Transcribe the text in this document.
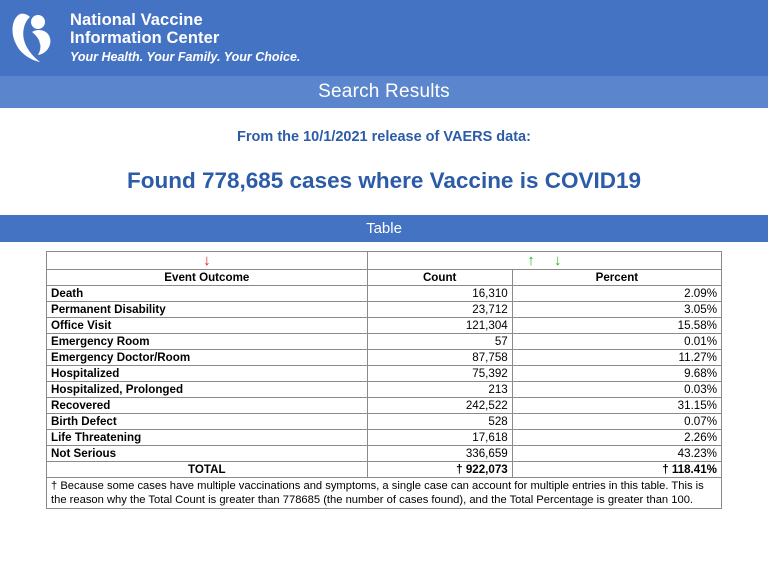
National Vaccine
Information Center
Your Health. Your Family. Your Choice.
Search Results
From the 10/1/2021 release of VAERS data:
Found 778,685 cases where Vaccine is COVID19
Table
↓	↑ ↓	
Event Outcome	Count	Percent
Death	16,310	2.09%
Permanent Disability	23,712	3.05%
Office Visit	121,304	15.58%
Emergency Room	57	0.01%
Emergency Doctor/Room	87,758	11.27%
Hospitalized	75,392	9.68%
Hospitalized, Prolonged	213	0.03%
Recovered	242,522	31.15%
Birth Defect	528	0.07%
Life Threatening	17,618	2.26%
Not Serious	336,659	43.23%
TOTAL	† 922,073	† 118.41%
† Because some cases have multiple vaccinations and symptoms, a single case can account for multiple entries in this table. This is the reason why the Total Count is greater than 778685 (the number of cases found), and the Total Percentage is greater than 100.		
